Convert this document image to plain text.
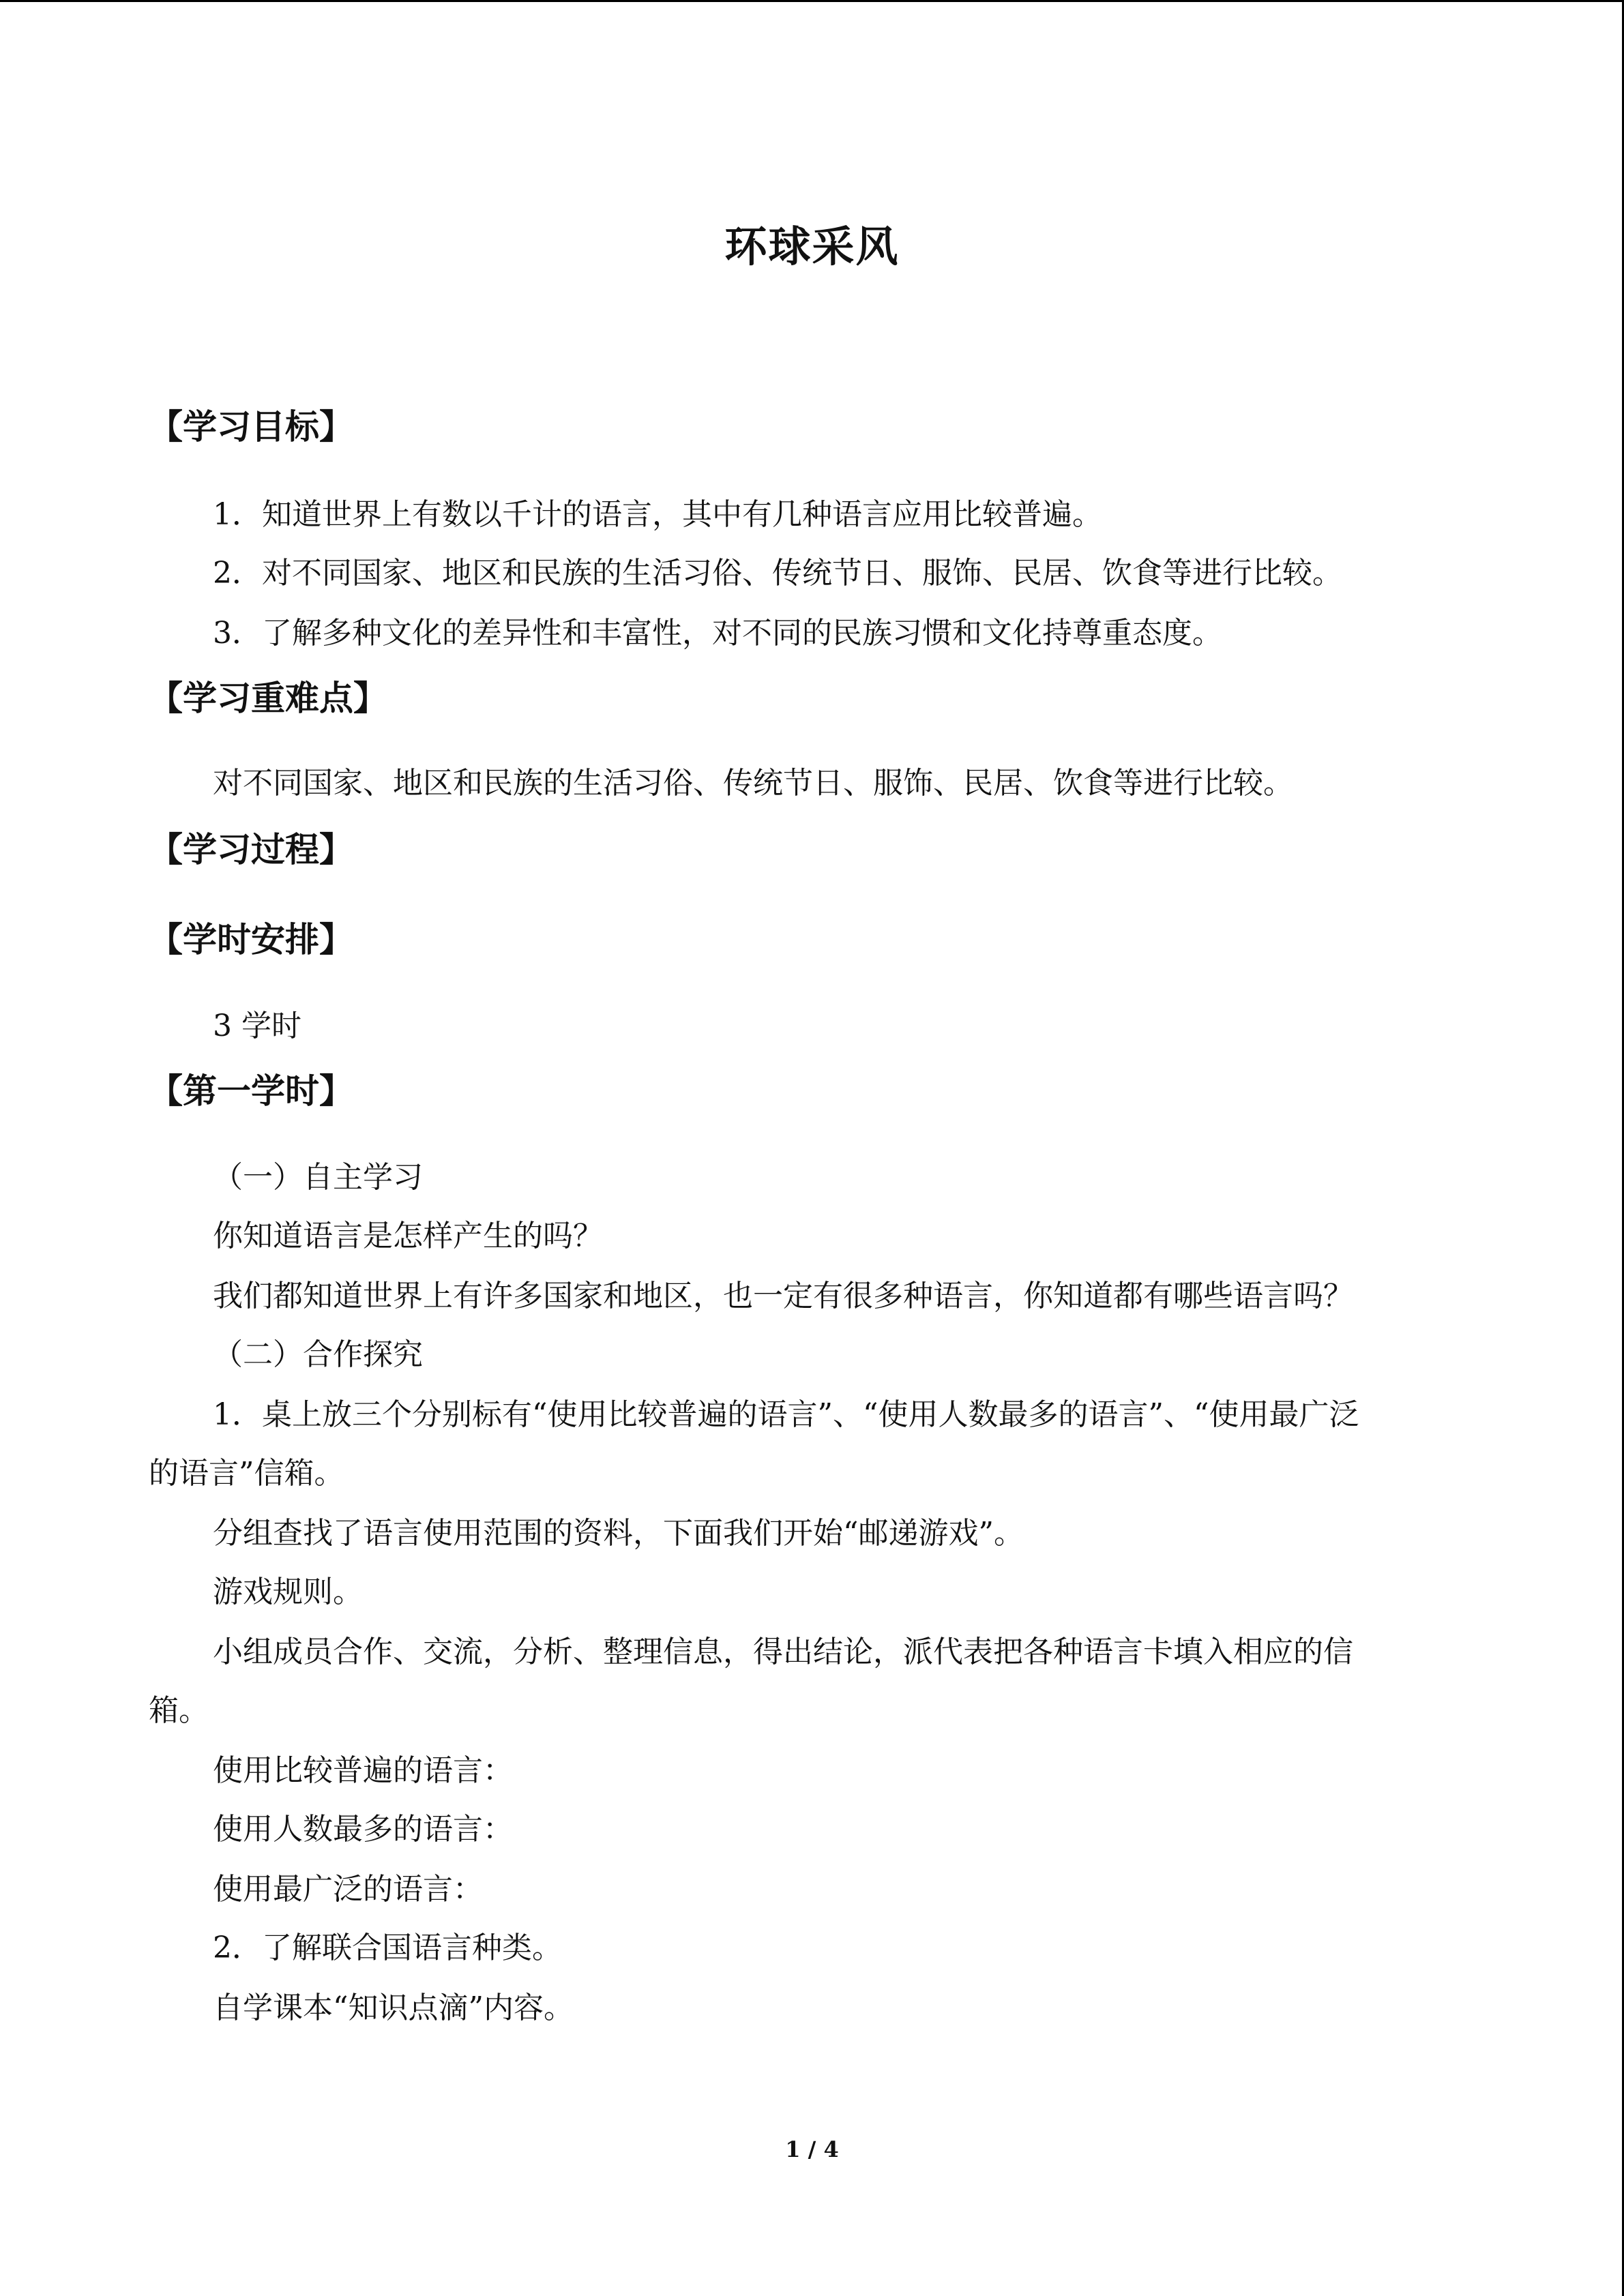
环球采风
【学习目标】
1．知道世界上有数以千计的语言，其中有几种语言应用比较普遍。
2．对不同国家、地区和民族的生活习俗、传统节日、服饰、民居、饮食等进行比较。
3．了解多种文化的差异性和丰富性，对不同的民族习惯和文化持尊重态度。
【学习重难点】
对不同国家、地区和民族的生活习俗、传统节日、服饰、民居、饮食等进行比较。
【学习过程】
【学时安排】
3 学时
【第一学时】
（一）自主学习
你知道语言是怎样产生的吗？
我们都知道世界上有许多国家和地区，也一定有很多种语言，你知道都有哪些语言吗？
（二）合作探究
1．桌上放三个分别标有“使用比较普遍的语言”、“使用人数最多的语言”、“使用最广泛
的语言”信箱。
分组查找了语言使用范围的资料，下面我们开始“邮递游戏”。
游戏规则。
小组成员合作、交流，分析、整理信息，得出结论，派代表把各种语言卡填入相应的信
箱。
使用比较普遍的语言：
使用人数最多的语言：
使用最广泛的语言：
2．了解联合国语言种类。
自学课本“知识点滴”内容。
1 / 4
